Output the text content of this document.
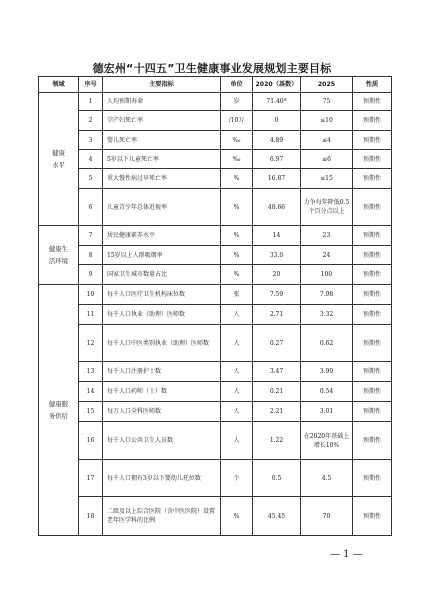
德宏州“十四五”卫生健康事业发展规划主要目标
领域	序号	主要指标	单位	2020（基数）	2025	性质

健康
水平	1	人均预期寿命	岁	71.40*	75	预期性
	2	孕产妇死亡率	/10万	0	≤10	预期性
	3	婴儿死亡率	‰	4.89	≤4	预期性
	4	5岁以下儿童死亡率	‰	6.97	≤6	预期性
	5	重大慢性病过早死亡率	%	16.87	≤15	预期性
	6	儿童青少年总体近视率	%	48.66	力争每年降低0.5个百分点以上	预期性

健康生
活环境	7	居民健康素养水平	%	14	23	预期性
	8	15岁以上人群吸烟率	%	33.0	24	预期性
	9	国家卫生城市数量占比	%	20	100	预期性

健康服
务供给	10	每千人口医疗卫生机构床位数	张	7.59	7.98	预期性
	11	每千人口执业（助理）医师数	人	2.71	3.32	预期性
	12	每千人口中医类别执业（助理）医师数	人	0.27	0.62	预期性
	13	每千人口注册护士数	人	3.47	3.99	预期性
	14	每千人口药师（士）数	人	0.21	0.54	预期性
	15	每万人口全科医师数	人	2.21	3.01	预期性
	16	每千人口公共卫生人员数	人	1.22	在2020年基础上增长10%	预期性
	17	每千人口拥有3岁以下婴幼儿托位数	个	0.5	4.5	预期性
	18	二级及以上综合医院（含中医医院）设置老年医学科的比例	%	45.45	70	预期性
— 1 —
